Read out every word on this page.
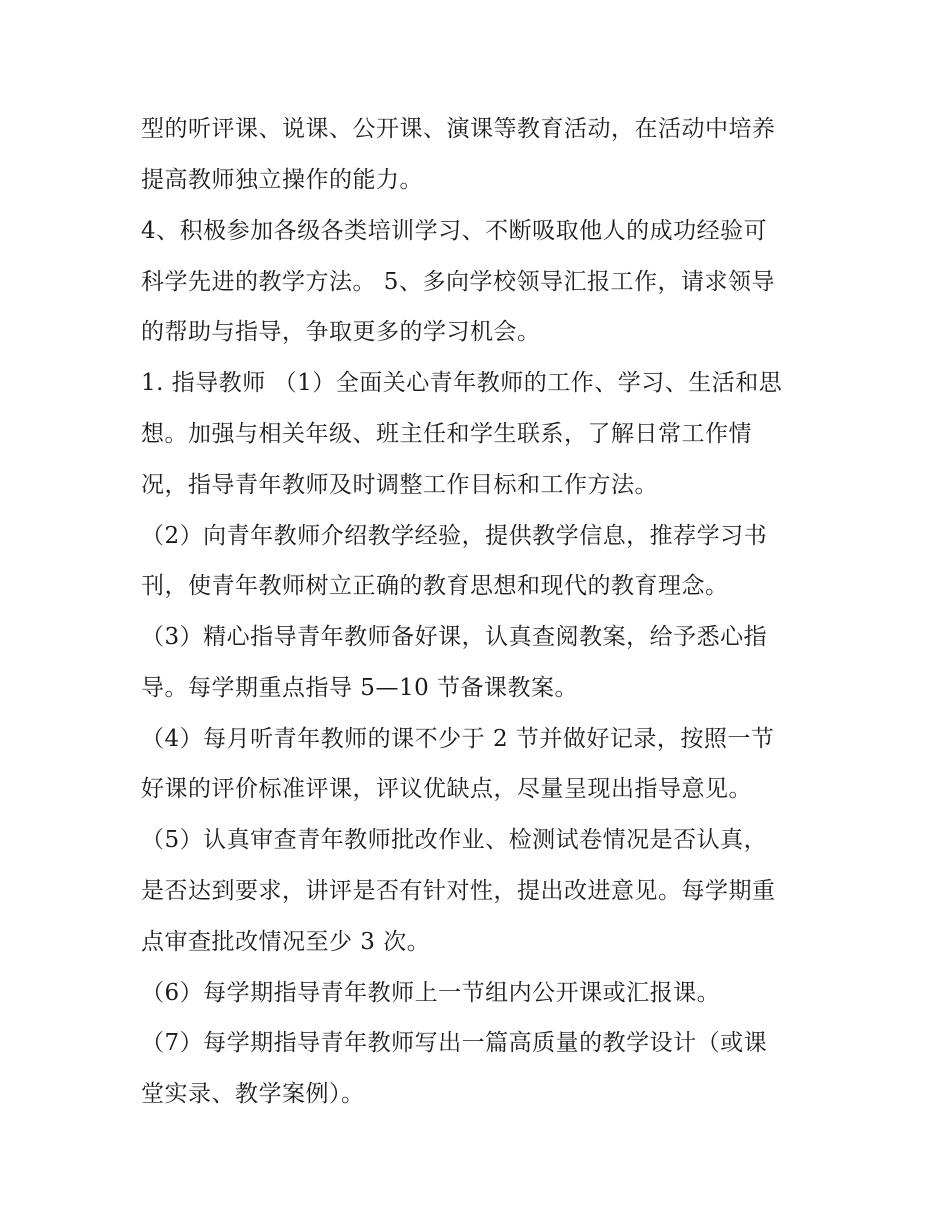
型的听评课、说课、公开课、演课等教育活动，在活动中培养
提高教师独立操作的能力。
4、积极参加各级各类培训学习、不断吸取他人的成功经验可
科学先进的教学方法。 5、多向学校领导汇报工作，请求领导
的帮助与指导，争取更多的学习机会。
1. 指导教师 （1）全面关心青年教师的工作、学习、生活和思
想。加强与相关年级、班主任和学生联系，了解日常工作情
况，指导青年教师及时调整工作目标和工作方法。
（2）向青年教师介绍教学经验，提供教学信息，推荐学习书
刊，使青年教师树立正确的教育思想和现代的教育理念。
（3）精心指导青年教师备好课，认真查阅教案，给予悉心指
导。每学期重点指导 5—10 节备课教案。
（4）每月听青年教师的课不少于 2 节并做好记录，按照一节
好课的评价标准评课，评议优缺点，尽量呈现出指导意见。
（5）认真审查青年教师批改作业、检测试卷情况是否认真，
是否达到要求，讲评是否有针对性，提出改进意见。每学期重
点审查批改情况至少 3 次。
（6）每学期指导青年教师上一节组内公开课或汇报课。
（7）每学期指导青年教师写出一篇高质量的教学设计（或课
堂实录、教学案例）。
